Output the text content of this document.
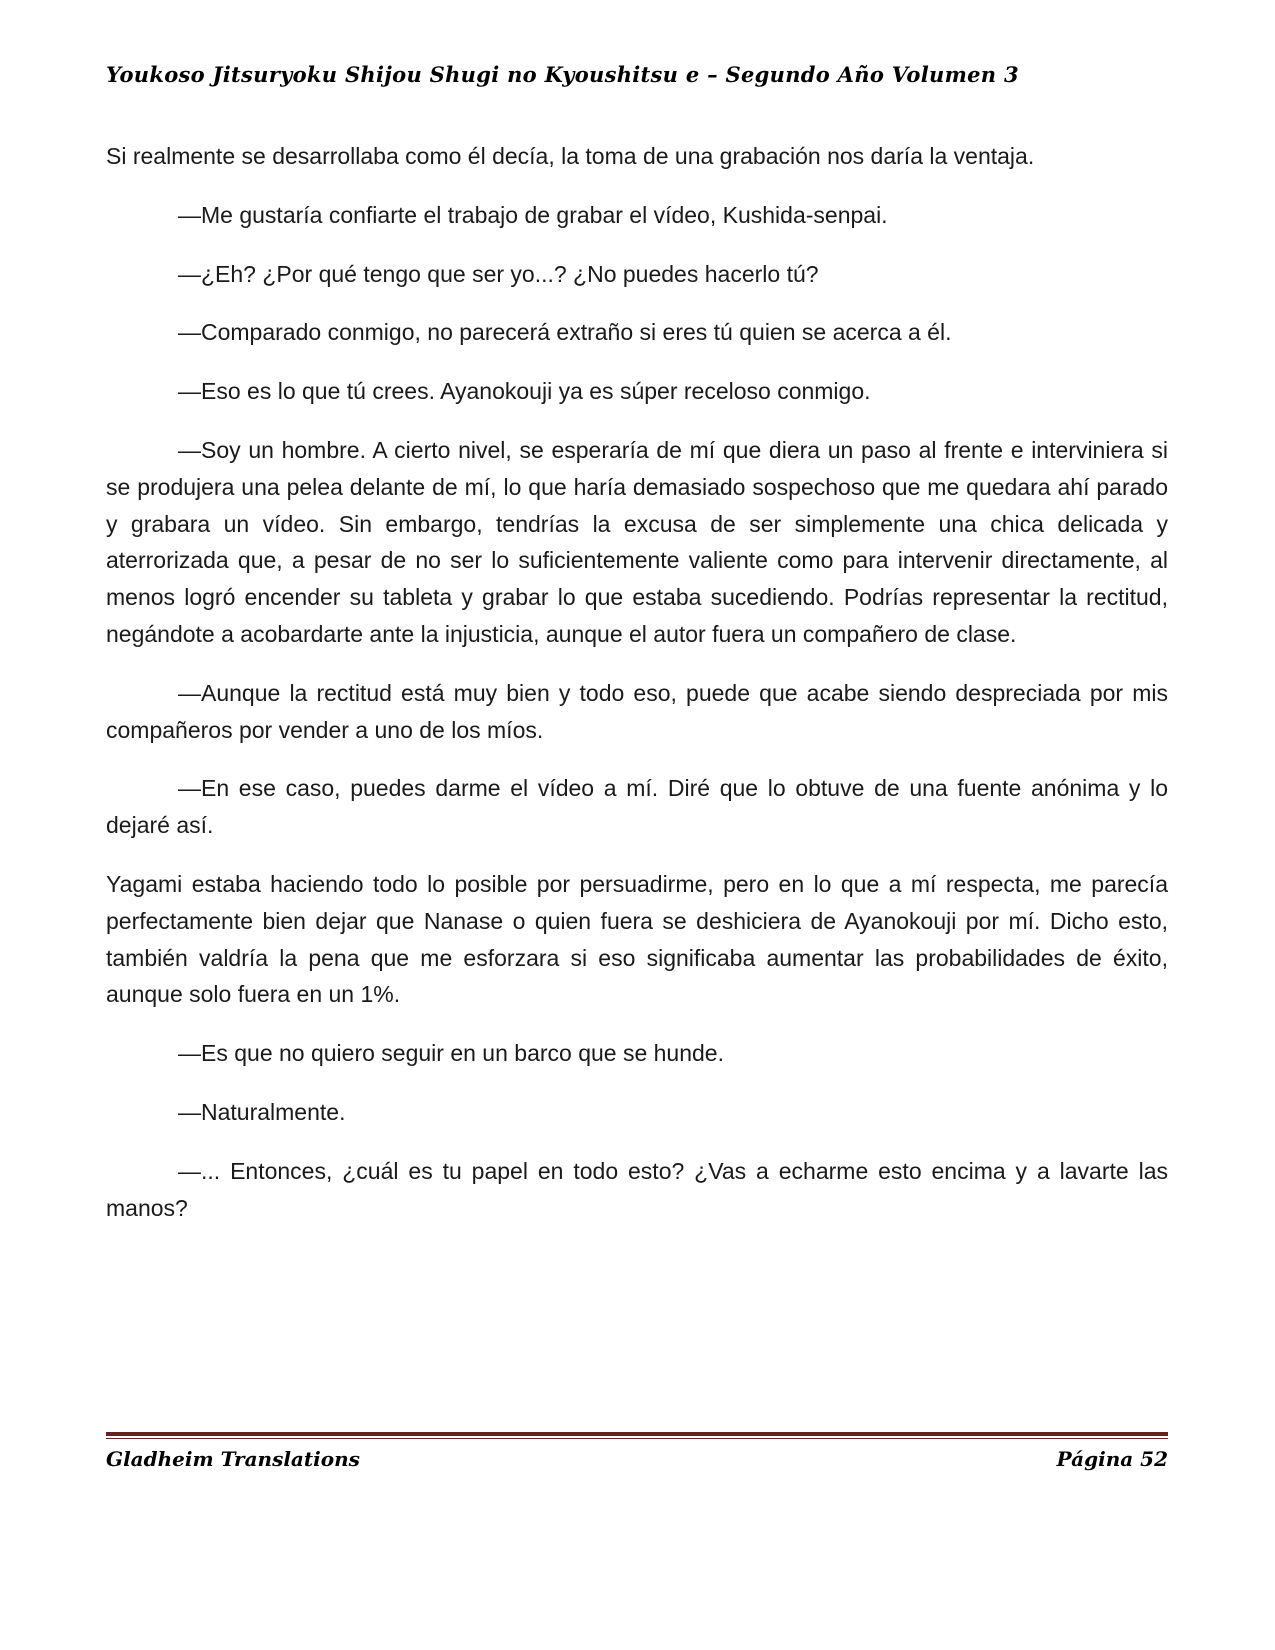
Youkoso Jitsuryoku Shijou Shugi no Kyoushitsu e – Segundo Año Volumen 3

Si realmente se desarrollaba como él decía, la toma de una grabación nos daría la ventaja.

—Me gustaría confiarte el trabajo de grabar el vídeo, Kushida-senpai.

—¿Eh? ¿Por qué tengo que ser yo...? ¿No puedes hacerlo tú?

—Comparado conmigo, no parecerá extraño si eres tú quien se acerca a él.

—Eso es lo que tú crees. Ayanokouji ya es súper receloso conmigo.

—Soy un hombre. A cierto nivel, se esperaría de mí que diera un paso al frente e interviniera si se produjera una pelea delante de mí, lo que haría demasiado sospechoso que me quedara ahí parado y grabara un vídeo. Sin embargo, tendrías la excusa de ser simplemente una chica delicada y aterrorizada que, a pesar de no ser lo suficientemente valiente como para intervenir directamente, al menos logró encender su tableta y grabar lo que estaba sucediendo. Podrías representar la rectitud, negándote a acobardarte ante la injusticia, aunque el autor fuera un compañero de clase.

—Aunque la rectitud está muy bien y todo eso, puede que acabe siendo despreciada por mis compañeros por vender a uno de los míos.

—En ese caso, puedes darme el vídeo a mí. Diré que lo obtuve de una fuente anónima y lo dejaré así.

Yagami estaba haciendo todo lo posible por persuadirme, pero en lo que a mí respecta, me parecía perfectamente bien dejar que Nanase o quien fuera se deshiciera de Ayanokouji por mí. Dicho esto, también valdría la pena que me esforzara si eso significaba aumentar las probabilidades de éxito, aunque solo fuera en un 1%.

—Es que no quiero seguir en un barco que se hunde.

—Naturalmente.

—... Entonces, ¿cuál es tu papel en todo esto? ¿Vas a echarme esto encima y a lavarte las manos?

Gladheim Translations	Página 52
